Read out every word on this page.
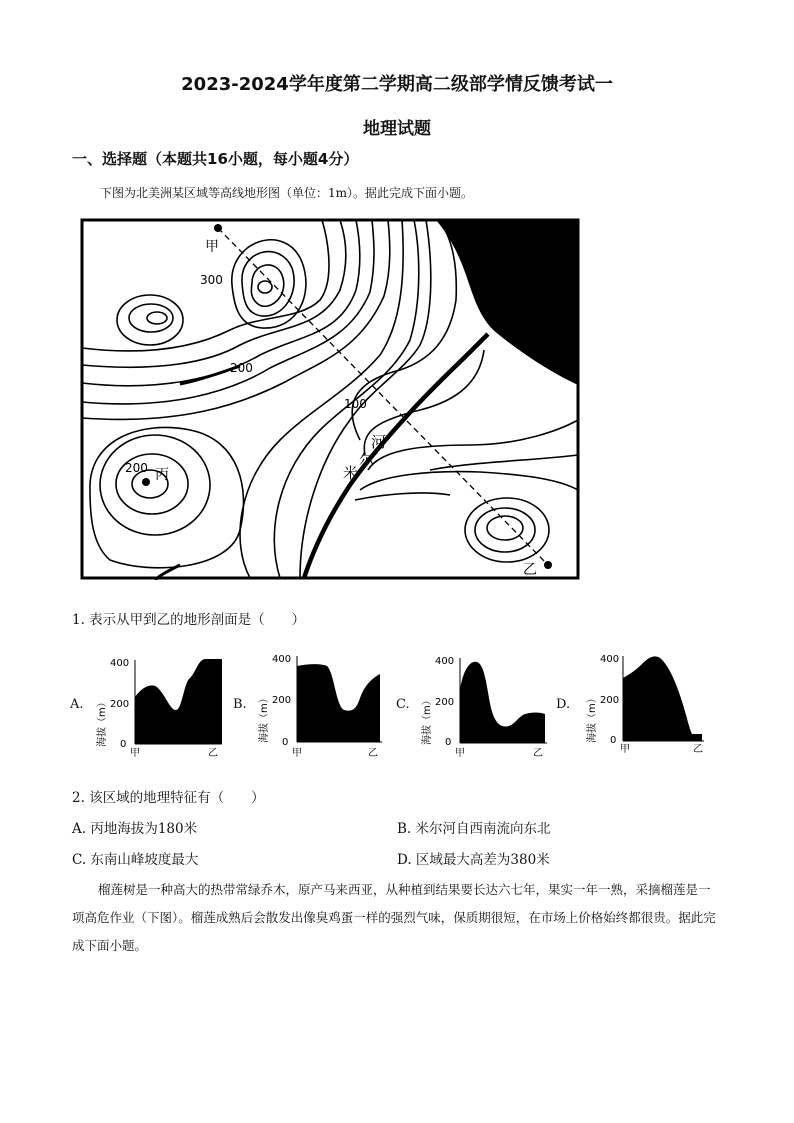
2023-2024学年度第二学期高二级部学情反馈考试一
地理试题
一、选择题（本题共16小题，每小题4分）
下图为北美洲某区域等高线地形图（单位：1m）。据此完成下面小题。
甲
乙
丙
300
200
100
200
河
尔
米
1. 表示从甲到乙的地形剖面是（　　）
A.	B.	C.	D.
400
200
0
海拔（m）
甲	乙
400
200
0
海拔（m）
甲	乙
400
200
0
海拔（m）
甲	乙
400
200
0
海拔（m）
甲	乙
2. 该区域的地理特征有（　　）
A. 丙地海拔为180米	B. 米尔河自西南流向东北
C. 东南山峰坡度最大	D. 区域最大高差为380米
榴莲树是一种高大的热带常绿乔木，原产马来西亚，从种植到结果要长达六七年，果实一年一熟，采摘榴莲是一项高危作业（下图）。榴莲成熟后会散发出像臭鸡蛋一样的强烈气味，保质期很短，在市场上价格始终都很贵。据此完成下面小题。
